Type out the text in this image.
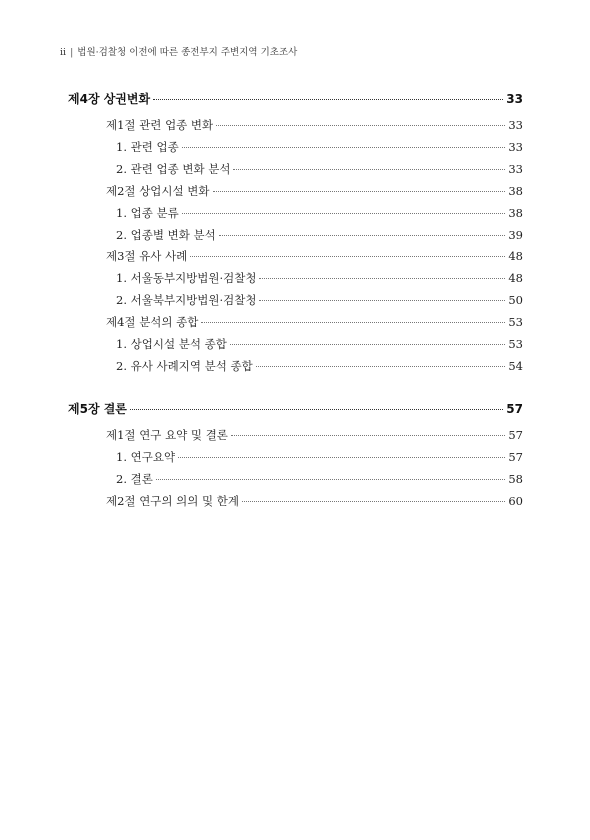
ii | 법원·검찰청 이전에 따른 종전부지 주변지역 기초조사
제4장 상권변화	33
제1절 관련 업종 변화	33
1. 관련 업종	33
2. 관련 업종 변화 분석	33
제2절 상업시설 변화	38
1. 업종 분류	38
2. 업종별 변화 분석	39
제3절 유사 사례	48
1. 서울동부지방법원·검찰청	48
2. 서울북부지방법원·검찰청	50
제4절 분석의 종합	53
1. 상업시설 분석 종합	53
2. 유사 사례지역 분석 종합	54
제5장 결론	57
제1절 연구 요약 및 결론	57
1. 연구요약	57
2. 결론	58
제2절 연구의 의의 및 한계	60
